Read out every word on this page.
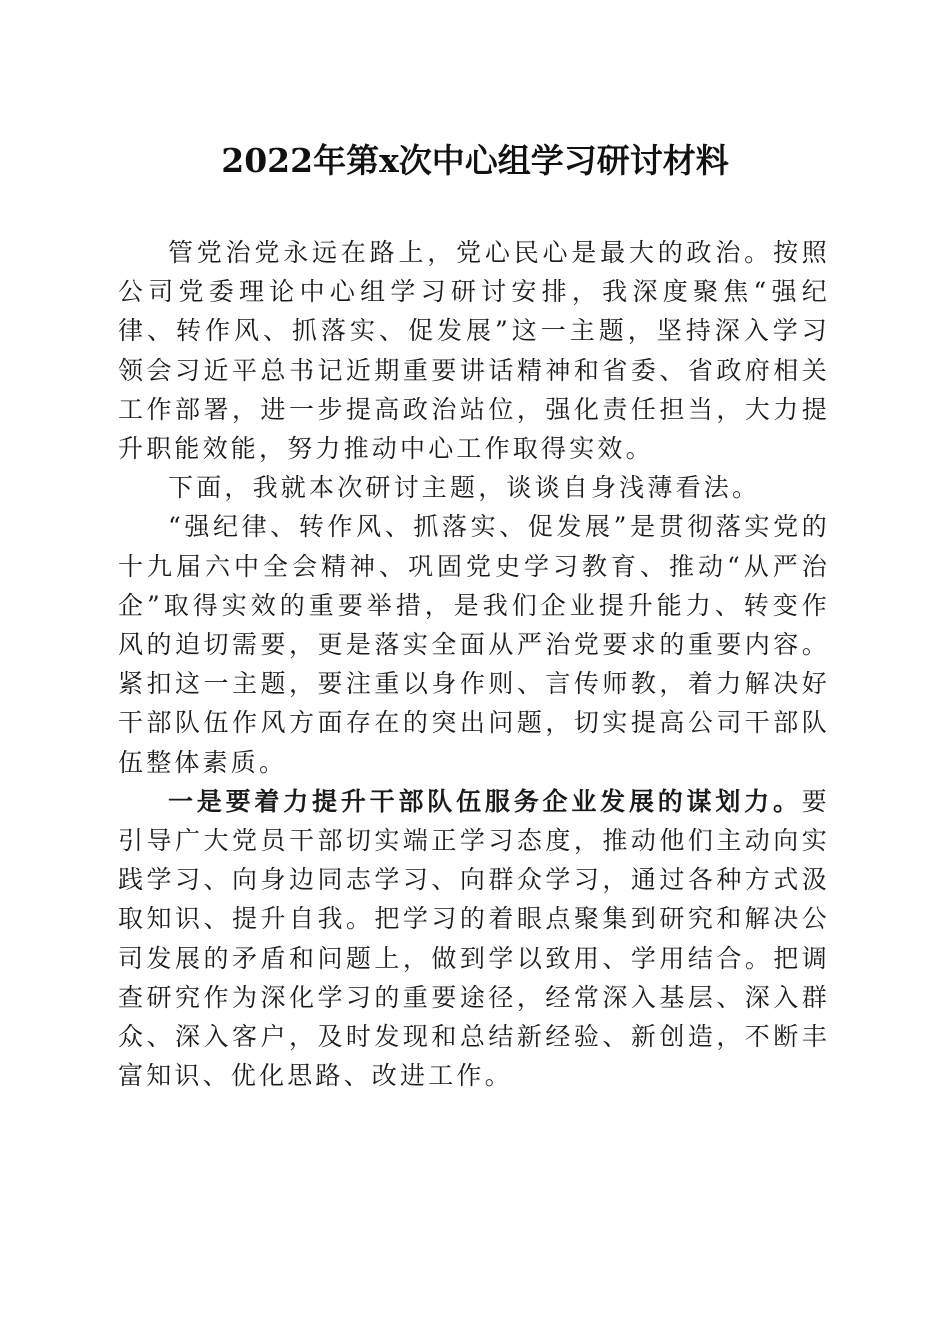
2022年第x次中心组学习研讨材料

管党治党永远在路上，党心民心是最大的政治。按照公司党委理论中心组学习研讨安排，我深度聚焦“强纪律、转作风、抓落实、促发展”这一主题，坚持深入学习领会习近平总书记近期重要讲话精神和省委、省政府相关工作部署，进一步提高政治站位，强化责任担当，大力提升职能效能，努力推动中心工作取得实效。

下面，我就本次研讨主题，谈谈自身浅薄看法。

“强纪律、转作风、抓落实、促发展”是贯彻落实党的十九届六中全会精神、巩固党史学习教育、推动“从严治企”取得实效的重要举措，是我们企业提升能力、转变作风的迫切需要，更是落实全面从严治党要求的重要内容。紧扣这一主题，要注重以身作则、言传师教，着力解决好干部队伍作风方面存在的突出问题，切实提高公司干部队伍整体素质。

一是要着力提升干部队伍服务企业发展的谋划力。要引导广大党员干部切实端正学习态度，推动他们主动向实践学习、向身边同志学习、向群众学习，通过各种方式汲取知识、提升自我。把学习的着眼点聚集到研究和解决公司发展的矛盾和问题上，做到学以致用、学用结合。把调查研究作为深化学习的重要途径，经常深入基层、深入群众、深入客户，及时发现和总结新经验、新创造，不断丰富知识、优化思路、改进工作。
